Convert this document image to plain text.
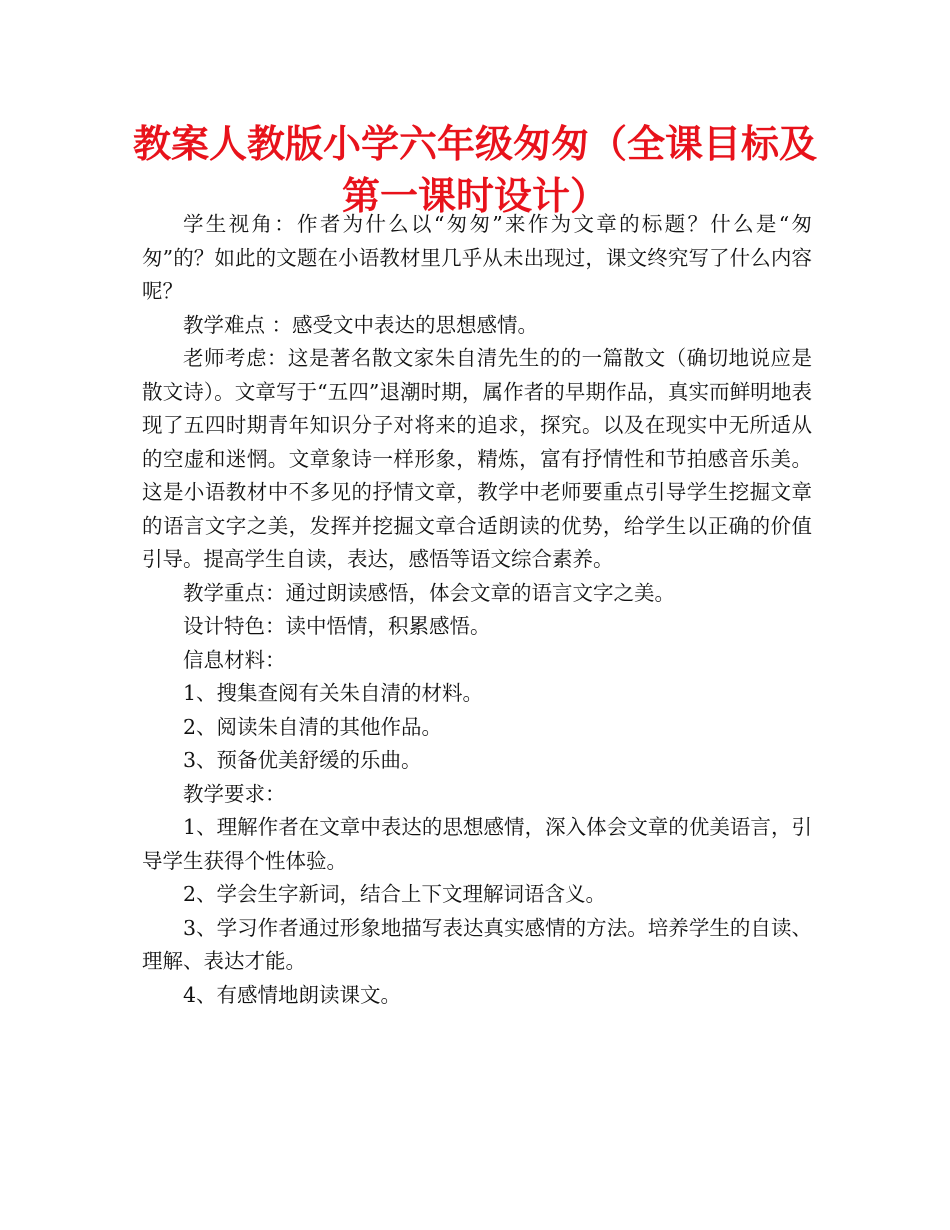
教案人教版小学六年级匆匆（全课目标及第一课时设计）

学生视角：作者为什么以“匆匆”来作为文章的标题？什么是“匆匆”的？如此的文题在小语教材里几乎从未出现过，课文终究写了什么内容呢？

教学难点 ：感受文中表达的思想感情。

老师考虑：这是著名散文家朱自清先生的的一篇散文（确切地说应是散文诗）。文章写于“五四”退潮时期，属作者的早期作品，真实而鲜明地表现了五四时期青年知识分子对将来的追求，探究。以及在现实中无所适从的空虚和迷惘。文章象诗一样形象，精炼，富有抒情性和节拍感音乐美。这是小语教材中不多见的抒情文章，教学中老师要重点引导学生挖掘文章的语言文字之美，发挥并挖掘文章合适朗读的优势，给学生以正确的价值引导。提高学生自读，表达，感悟等语文综合素养。

教学重点：通过朗读感悟，体会文章的语言文字之美。

设计特色：读中悟情，积累感悟。

信息材料：

1、搜集查阅有关朱自清的材料。

2、阅读朱自清的其他作品。

3、预备优美舒缓的乐曲。

教学要求：

1、理解作者在文章中表达的思想感情，深入体会文章的优美语言，引导学生获得个性体验。

2、学会生字新词，结合上下文理解词语含义。

3、学习作者通过形象地描写表达真实感情的方法。培养学生的自读、理解、表达才能。

4、有感情地朗读课文。
